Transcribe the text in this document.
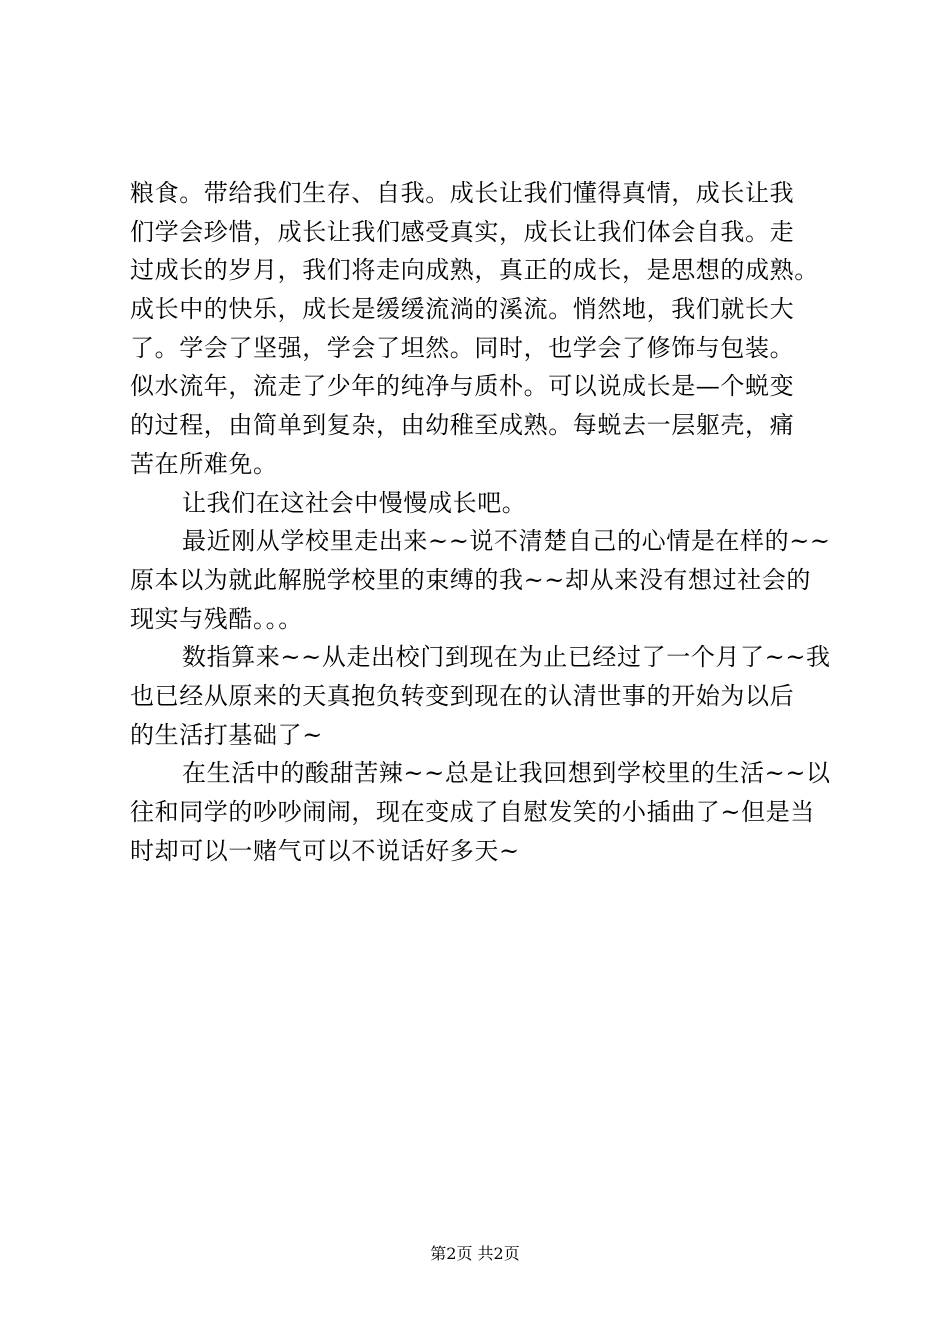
粮食。带给我们生存、自我。成长让我们懂得真情，成长让我
们学会珍惜，成长让我们感受真实，成长让我们体会自我。走
过成长的岁月，我们将走向成熟，真正的成长，是思想的成熟。
成长中的快乐，成长是缓缓流淌的溪流。悄然地，我们就长大
了。学会了坚强，学会了坦然。同时，也学会了修饰与包装。
似水流年，流走了少年的纯净与质朴。可以说成长是—个蜕变
的过程，由简单到复杂，由幼稚至成熟。每蜕去一层躯壳，痛
苦在所难免。
让我们在这社会中慢慢成长吧。
最近刚从学校里走出来~~说不清楚自己的心情是在样的~~
原本以为就此解脱学校里的束缚的我~~却从来没有想过社会的
现实与残酷。。。
数指算来~~从走出校门到现在为止已经过了一个月了~~我
也已经从原来的天真抱负转变到现在的认清世事的开始为以后
的生活打基础了~
在生活中的酸甜苦辣~~总是让我回想到学校里的生活~~以
往和同学的吵吵闹闹，现在变成了自慰发笑的小插曲了~但是当
时却可以一赌气可以不说话好多天~
第2页 共2页
